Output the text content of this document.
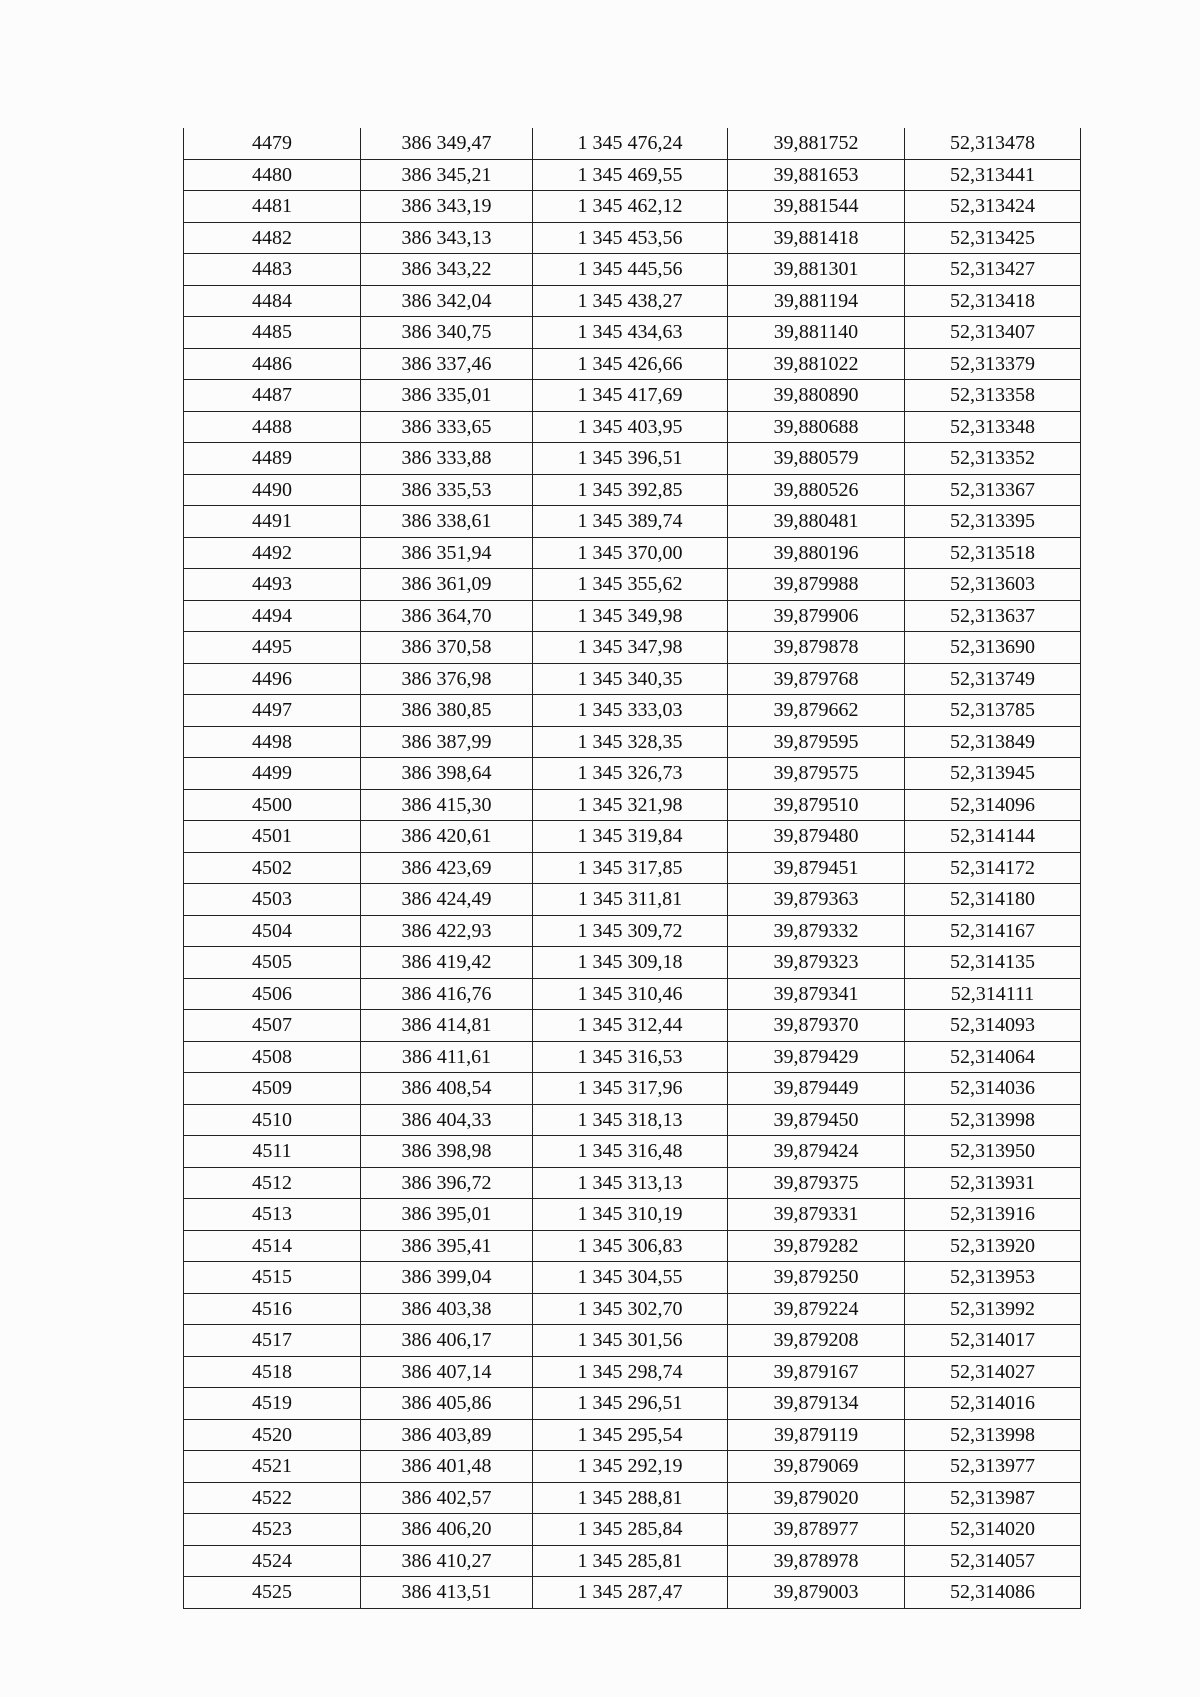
4479	386 349,47	1 345 476,24	39,881752	52,313478
4480	386 345,21	1 345 469,55	39,881653	52,313441
4481	386 343,19	1 345 462,12	39,881544	52,313424
4482	386 343,13	1 345 453,56	39,881418	52,313425
4483	386 343,22	1 345 445,56	39,881301	52,313427
4484	386 342,04	1 345 438,27	39,881194	52,313418
4485	386 340,75	1 345 434,63	39,881140	52,313407
4486	386 337,46	1 345 426,66	39,881022	52,313379
4487	386 335,01	1 345 417,69	39,880890	52,313358
4488	386 333,65	1 345 403,95	39,880688	52,313348
4489	386 333,88	1 345 396,51	39,880579	52,313352
4490	386 335,53	1 345 392,85	39,880526	52,313367
4491	386 338,61	1 345 389,74	39,880481	52,313395
4492	386 351,94	1 345 370,00	39,880196	52,313518
4493	386 361,09	1 345 355,62	39,879988	52,313603
4494	386 364,70	1 345 349,98	39,879906	52,313637
4495	386 370,58	1 345 347,98	39,879878	52,313690
4496	386 376,98	1 345 340,35	39,879768	52,313749
4497	386 380,85	1 345 333,03	39,879662	52,313785
4498	386 387,99	1 345 328,35	39,879595	52,313849
4499	386 398,64	1 345 326,73	39,879575	52,313945
4500	386 415,30	1 345 321,98	39,879510	52,314096
4501	386 420,61	1 345 319,84	39,879480	52,314144
4502	386 423,69	1 345 317,85	39,879451	52,314172
4503	386 424,49	1 345 311,81	39,879363	52,314180
4504	386 422,93	1 345 309,72	39,879332	52,314167
4505	386 419,42	1 345 309,18	39,879323	52,314135
4506	386 416,76	1 345 310,46	39,879341	52,314111
4507	386 414,81	1 345 312,44	39,879370	52,314093
4508	386 411,61	1 345 316,53	39,879429	52,314064
4509	386 408,54	1 345 317,96	39,879449	52,314036
4510	386 404,33	1 345 318,13	39,879450	52,313998
4511	386 398,98	1 345 316,48	39,879424	52,313950
4512	386 396,72	1 345 313,13	39,879375	52,313931
4513	386 395,01	1 345 310,19	39,879331	52,313916
4514	386 395,41	1 345 306,83	39,879282	52,313920
4515	386 399,04	1 345 304,55	39,879250	52,313953
4516	386 403,38	1 345 302,70	39,879224	52,313992
4517	386 406,17	1 345 301,56	39,879208	52,314017
4518	386 407,14	1 345 298,74	39,879167	52,314027
4519	386 405,86	1 345 296,51	39,879134	52,314016
4520	386 403,89	1 345 295,54	39,879119	52,313998
4521	386 401,48	1 345 292,19	39,879069	52,313977
4522	386 402,57	1 345 288,81	39,879020	52,313987
4523	386 406,20	1 345 285,84	39,878977	52,314020
4524	386 410,27	1 345 285,81	39,878978	52,314057
4525	386 413,51	1 345 287,47	39,879003	52,314086
